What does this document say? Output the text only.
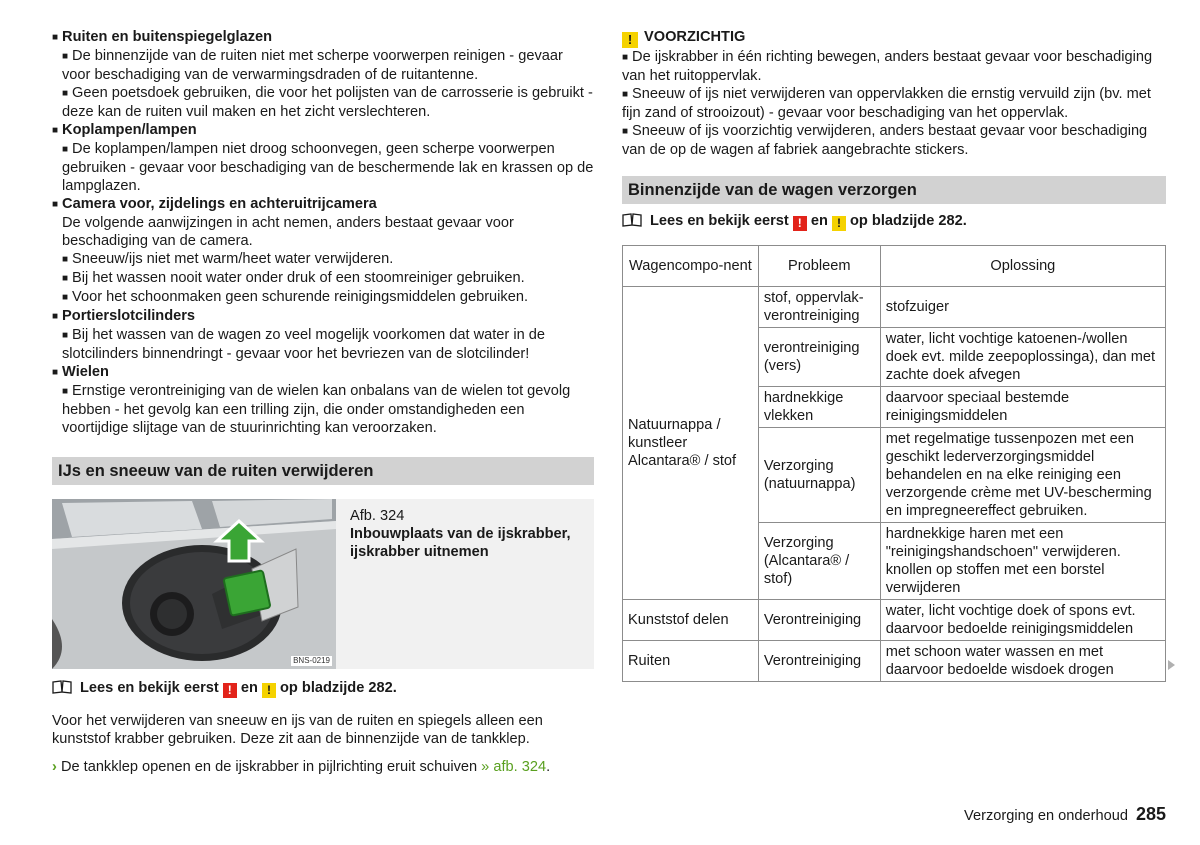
■ Ruiten en buitenspiegelglazen

■ De binnenzijde van de ruiten niet met scherpe voorwerpen reinigen - gevaar voor beschadiging van de verwarmingsdraden of de ruitantenne.

■ Geen poetsdoek gebruiken, die voor het polijsten van de carrosserie is gebruikt - deze kan de ruiten vuil maken en het zicht verslechteren.

■ Koplampen/lampen

■ De koplampen/lampen niet droog schoonvegen, geen scherpe voorwerpen gebruiken - gevaar voor beschadiging van de beschermende lak en krassen op de lampglazen.

■ Camera voor, zijdelings en achteruitrijcamera

De volgende aanwijzingen in acht nemen, anders bestaat gevaar voor beschadiging van de camera.

■ Sneeuw/ijs niet met warm/heet water verwijderen.

■ Bij het wassen nooit water onder druk of een stoomreiniger gebruiken.

■ Voor het schoonmaken geen schurende reinigingsmiddelen gebruiken.

■ Portierslotcilinders

■ Bij het wassen van de wagen zo veel mogelijk voorkomen dat water in de slotcilinders binnendringt - gevaar voor het bevriezen van de slotcilinder!

■ Wielen

■ Ernstige verontreiniging van de wielen kan onbalans van de wielen tot gevolg hebben - het gevolg kan een trilling zijn, die onder omstandigheden een voortijdige slijtage van de stuurinrichting kan veroorzaken.

IJs en sneeuw van de ruiten verwijderen
BNS-0219
Afb. 324
Inbouwplaats van de ijskrabber, ijskrabber uitnemen

Lees en bekijk eerst ! en ! op bladzijde 282.

Voor het verwijderen van sneeuw en ijs van de ruiten en spiegels alleen een kunststof krabber gebruiken. Deze zit aan de binnenzijde van de tankklep.

› De tankklep openen en de ijskrabber in pijlrichting eruit schuiven » afb. 324.

! VOORZICHTIG

■ De ijskrabber in één richting bewegen, anders bestaat gevaar voor beschadiging van het ruitoppervlak.

■ Sneeuw of ijs niet verwijderen van oppervlakken die ernstig vervuild zijn (bv. met fijn zand of strooizout) - gevaar voor beschadiging van het oppervlak.

■ Sneeuw of ijs voorzichtig verwijderen, anders bestaat gevaar voor beschadiging van de op de wagen af fabriek aangebrachte stickers.

Binnenzijde van de wagen verzorgen

Lees en bekijk eerst ! en ! op bladzijde 282.

Wagencompo-nent	Probleem	Oplossing
Natuurnappa / kunstleer Alcantara® / stof	stof, oppervlak-verontreiniging	stofzuiger
	verontreiniging (vers)	water, licht vochtige katoenen-/wollen doek evt. milde zeepoplossinga), dan met zachte doek afvegen
	hardnekkige vlekken	daarvoor speciaal bestemde reinigingsmiddelen
	Verzorging (natuurnappa)	met regelmatige tussenpozen met een geschikt lederverzorgingsmiddel behandelen en na elke reiniging een verzorgende crème met UV-bescherming en impregneereffect gebruiken.
	Verzorging (Alcantara® / stof)	hardnekkige haren met een "reinigingshandschoen" verwijderen. knollen op stoffen met een borstel verwijderen
Kunststof delen	Verontreiniging	water, licht vochtige doek of spons evt. daarvoor bedoelde reinigingsmiddelen
Ruiten	Verontreiniging	met schoon water wassen en met daarvoor bedoelde wisdoek drogen
Verzorging en onderhoud 285
